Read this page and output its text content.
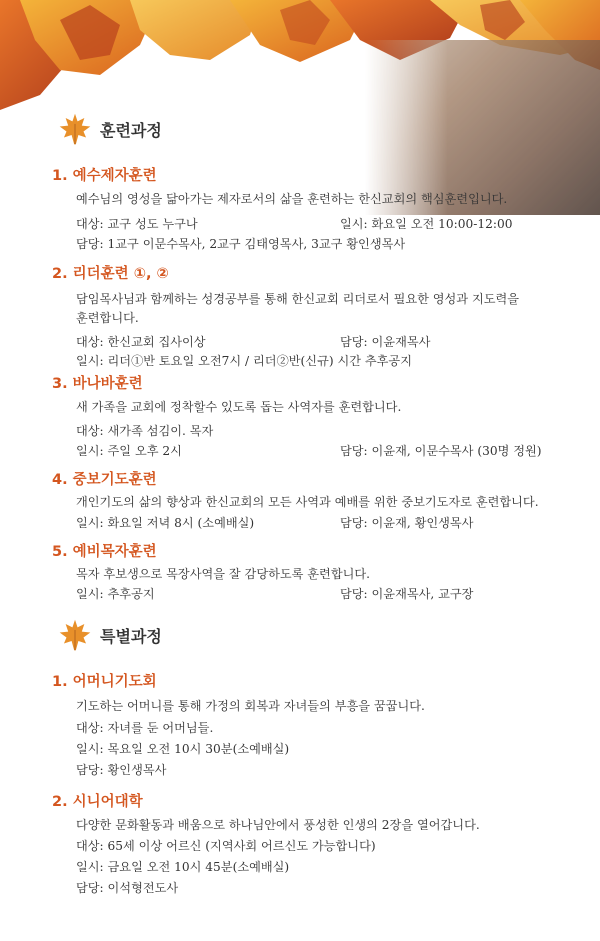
훈련과정
1. 예수제자훈련
예수님의 영성을 닮아가는 제자로서의 삶을 훈련하는 한신교회의 핵심훈련입니다.
대상: 교구 성도 누구나	일시: 화요일 오전 10:00-12:00
담당: 1교구 이문수목사, 2교구 김태영목사, 3교구 황인생목사
2. 리더훈련 ①, ②
담임목사님과 함께하는 성경공부를 통해 한신교회 리더로서 필요한 영성과 지도력을
훈련합니다.
대상: 한신교회 집사이상	담당: 이윤재목사
일시: 리더①반 토요일 오전7시 / 리더②반(신규) 시간 추후공지
3. 바나바훈련
새 가족을 교회에 정착할수 있도록 돕는 사역자를 훈련합니다.
대상: 새가족 섬김이. 목자
일시: 주일 오후 2시	담당: 이윤재, 이문수목사 (30명 정원)
4. 중보기도훈련
개인기도의 삶의 향상과 한신교회의 모든 사역과 예배를 위한 중보기도자로 훈련합니다.
일시: 화요일 저녁 8시 (소예배실)	담당: 이윤재, 황인생목사
5. 예비목자훈련
목자 후보생으로 목장사역을 잘 감당하도록 훈련합니다.
일시: 추후공지	담당: 이윤재목사, 교구장
특별과정
1. 어머니기도회
기도하는 어머니를 통해 가정의 회복과 자녀들의 부흥을 꿈꿉니다.
대상: 자녀를 둔 어머님들.
일시: 목요일 오전 10시 30분(소예배실)
담당: 황인생목사
2. 시니어대학
다양한 문화활동과 배움으로 하나님안에서 풍성한 인생의 2장을 열어갑니다.
대상: 65세 이상 어르신 (지역사회 어르신도 가능합니다)
일시: 금요일 오전 10시 45분(소예배실)
담당: 이석형전도사
